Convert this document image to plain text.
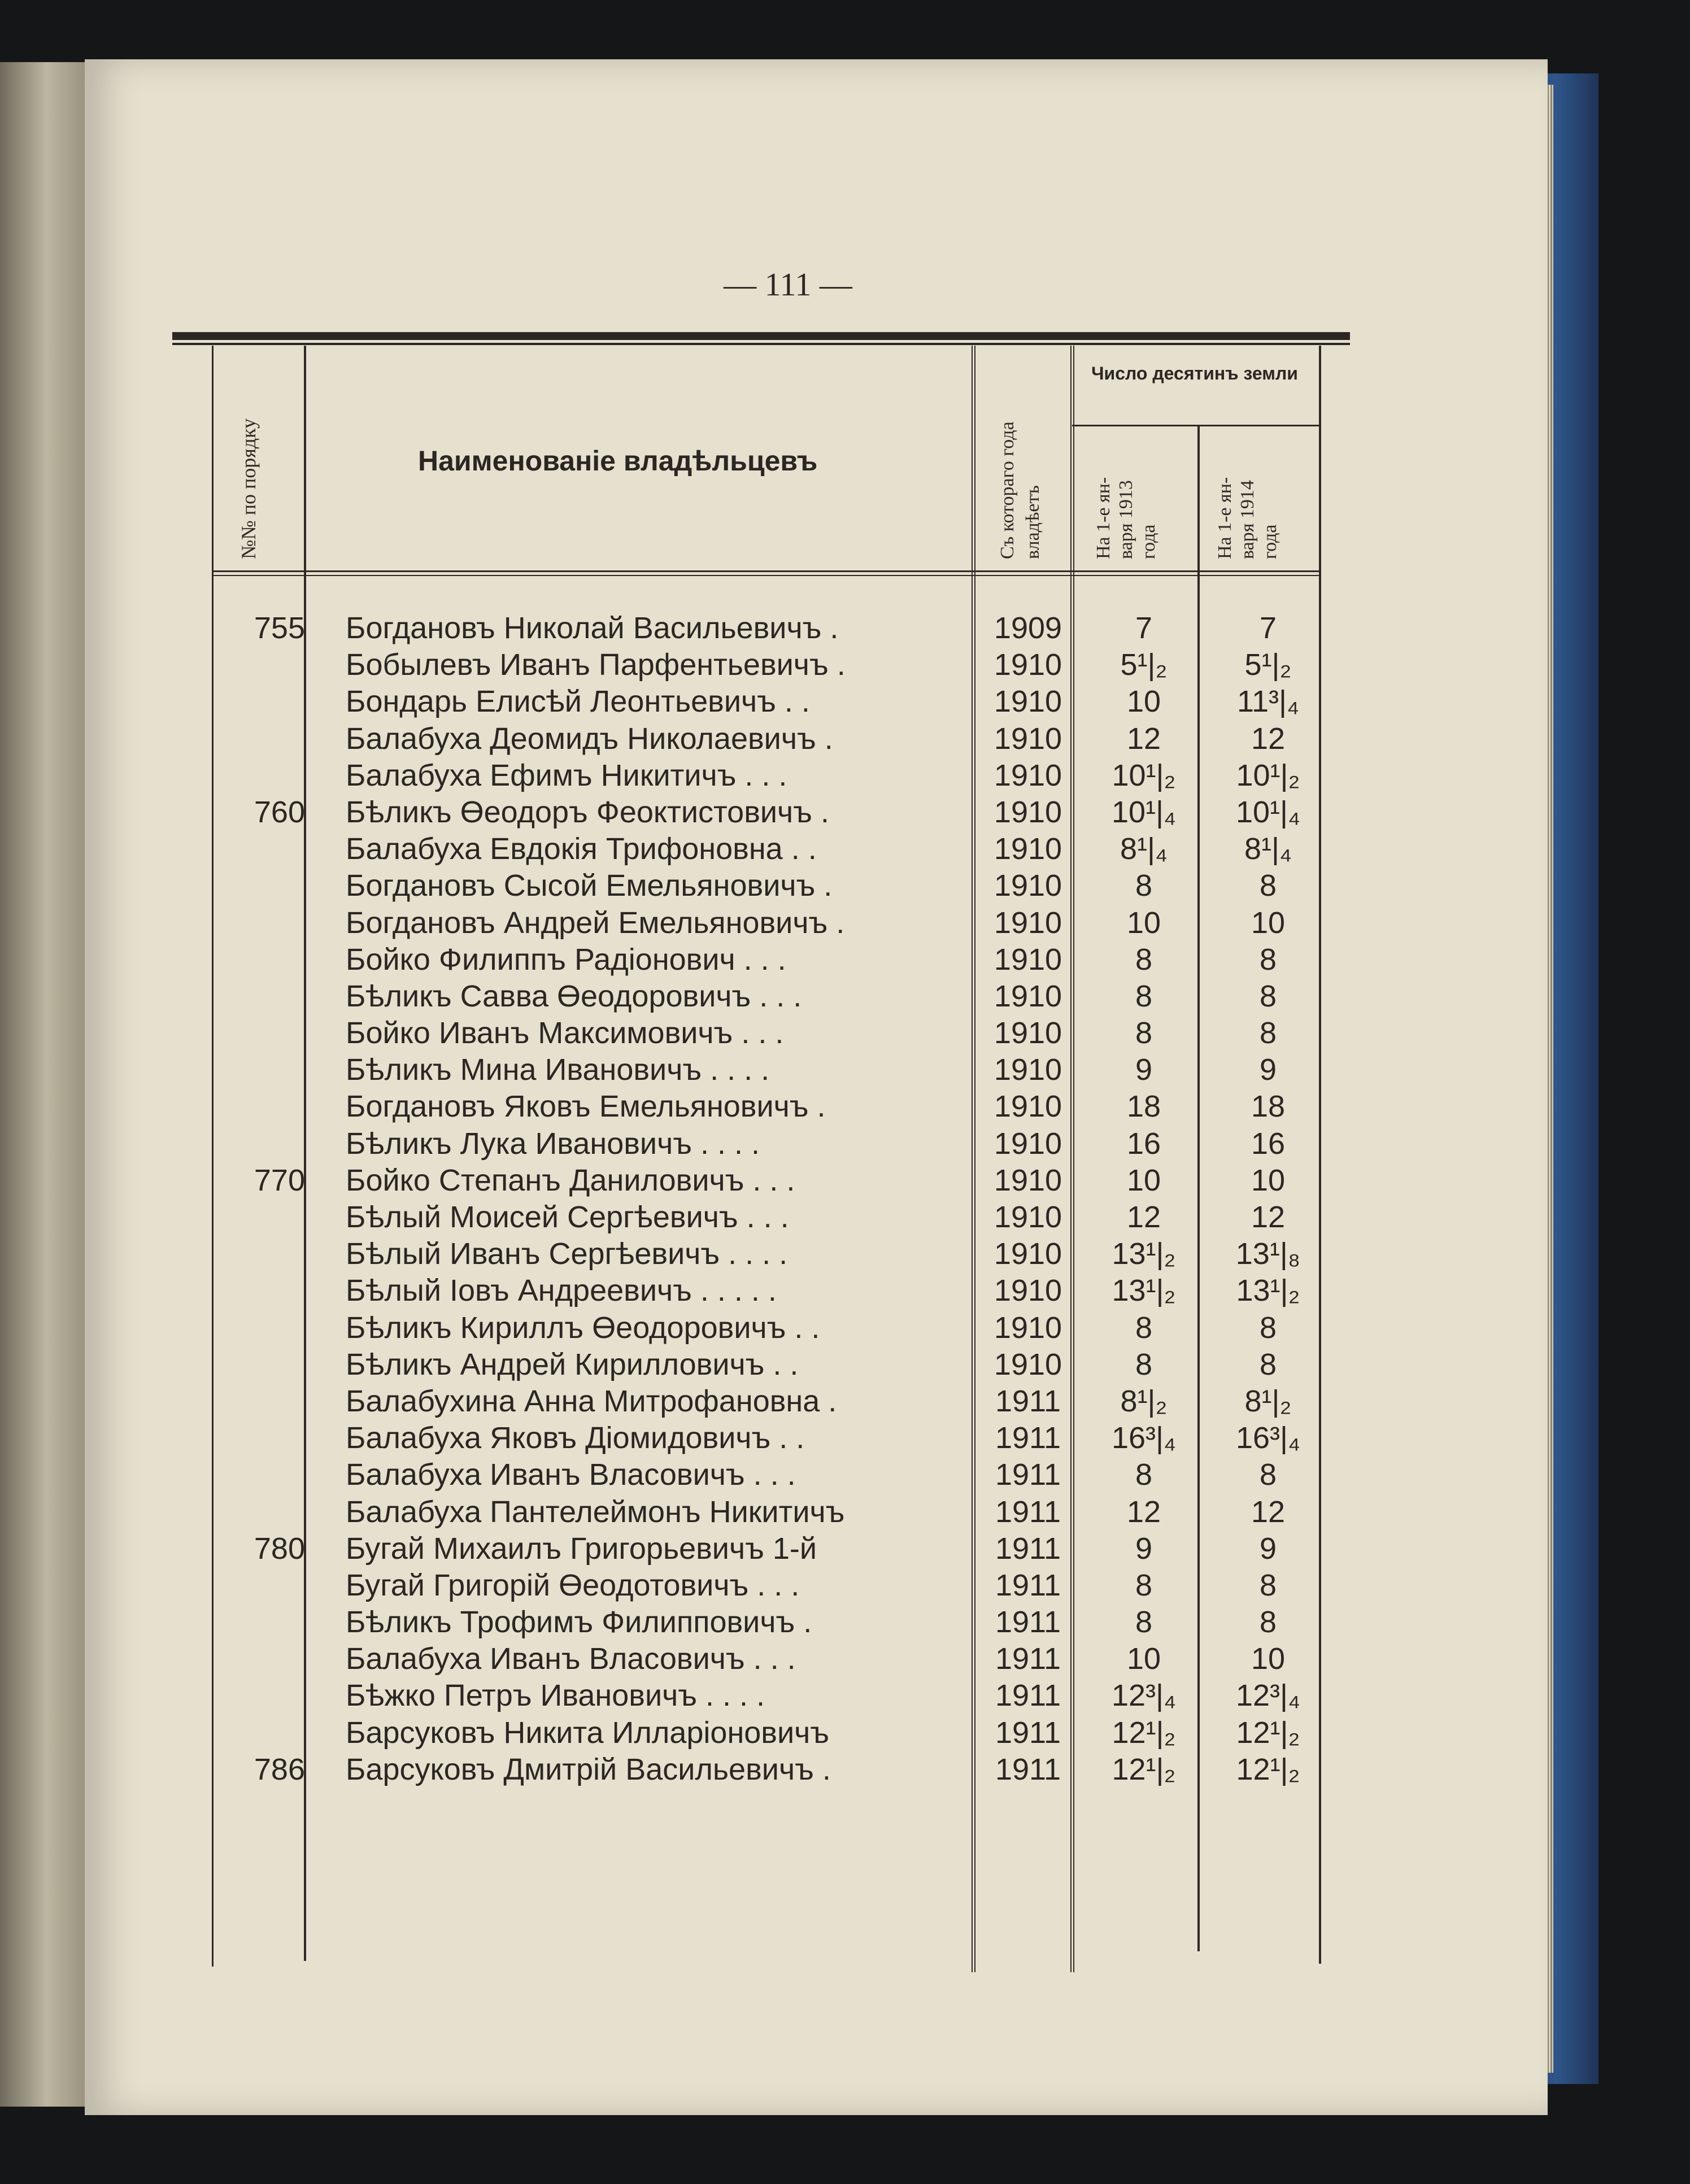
— 111 —
№№ по порядку	Наименованіе владѣльцевъ	Съ котораго года владѣетъ
Число десятинъ земли
На 1-е ян- варя 1913 года	На 1-е ян- варя 1914 года
755 Богдановъ Николай Васильевичъ .	1909	7	7
Бобылевъ Иванъ Парфентьевичъ .	1910	5¹|₂	5¹|₂
Бондарь Елисѣй Леонтьевичъ . .	1910	10	11³|₄
Балабуха Деомидъ Николаевичъ .	1910	12	12
Балабуха Ефимъ Никитичъ . . .	1910	10¹|₂	10¹|₂
760 Бѣликъ Өеодоръ Феоктистовичъ .	1910	10¹|₄	10¹|₄
Балабуха Евдокія Трифоновна . .	1910	8¹|₄	8¹|₄
Богдановъ Сысой Емельяновичъ .	1910	8	8
Богдановъ Андрей Емельяновичъ .	1910	10	10
Бойко Филиппъ Радіонович . . .	1910	8	8
Бѣликъ Савва Өеодоровичъ . . .	1910	8	8
Бойко Иванъ Максимовичъ . . .	1910	8	8
Бѣликъ Мина Ивановичъ . . . .	1910	9	9
Богдановъ Яковъ Емельяновичъ .	1910	18	18
Бѣликъ Лука Ивановичъ . . . .	1910	16	16
770 Бойко Степанъ Даниловичъ . . .	1910	10	10
Бѣлый Моисей Сергѣевичъ . . .	1910	12	12
Бѣлый Иванъ Сергѣевичъ . . . .	1910	13¹|₂	13¹|₈
Бѣлый Іовъ Андреевичъ . . . . .	1910	13¹|₂	13¹|₂
Бѣликъ Кириллъ Өеодоровичъ . .	1910	8	8
Бѣликъ Андрей Кирилловичъ . .	1910	8	8
Балабухина Анна Митрофановна .	1911	8¹|₂	8¹|₂
Балабуха Яковъ Діомидовичъ . .	1911	16³|₄	16³|₄
Балабуха Иванъ Власовичъ . . .	1911	8	8
Балабуха Пантелеймонъ Никитичъ	1911	12	12
780 Бугай Михаилъ Григорьевичъ 1-й	1911	9	9
Бугай Григорій Өеодотовичъ . . .	1911	8	8
Бѣликъ Трофимъ Филипповичъ .	1911	8	8
Балабуха Иванъ Власовичъ . . .	1911	10	10
Бѣжко Петръ Ивановичъ . . . .	1911	12³|₄	12³|₄
Барсуковъ Никита Илларіоновичъ	1911	12¹|₂	12¹|₂
786 Барсуковъ Дмитрій Васильевичъ .	1911	12¹|₂	12¹|₂
